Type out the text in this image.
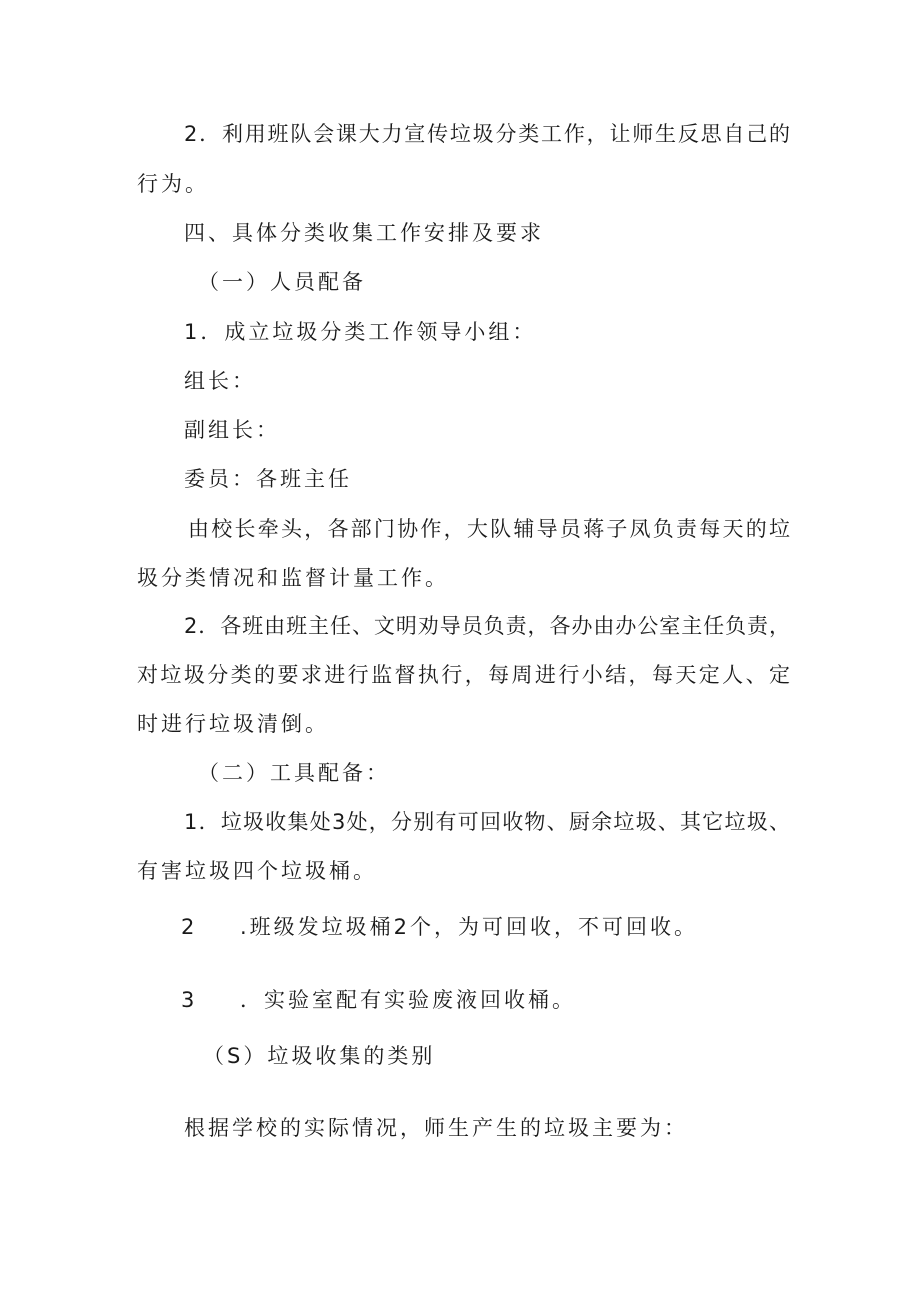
2．利用班队会课大力宣传垃圾分类工作，让师生反思自己的

行为。

四、具体分类收集工作安排及要求

（一）人员配备

1．成立垃圾分类工作领导小组：

组长：

副组长：

委员：各班主任

由校长牵头，各部门协作，大队辅导员蒋子凤负责每天的垃

圾分类情况和监督计量工作。

2．各班由班主任、文明劝导员负责，各办由办公室主任负责，

对垃圾分类的要求进行监督执行，每周进行小结，每天定人、定

时进行垃圾清倒。

（二）工具配备：

1．垃圾收集处3处，分别有可回收物、厨余垃圾、其它垃圾、

有害垃圾四个垃圾桶。

2 .班级发垃圾桶2个，为可回收，不可回收。

3 ．实验室配有实验废液回收桶。

（S）垃圾收集的类别

根据学校的实际情况，师生产生的垃圾主要为：
